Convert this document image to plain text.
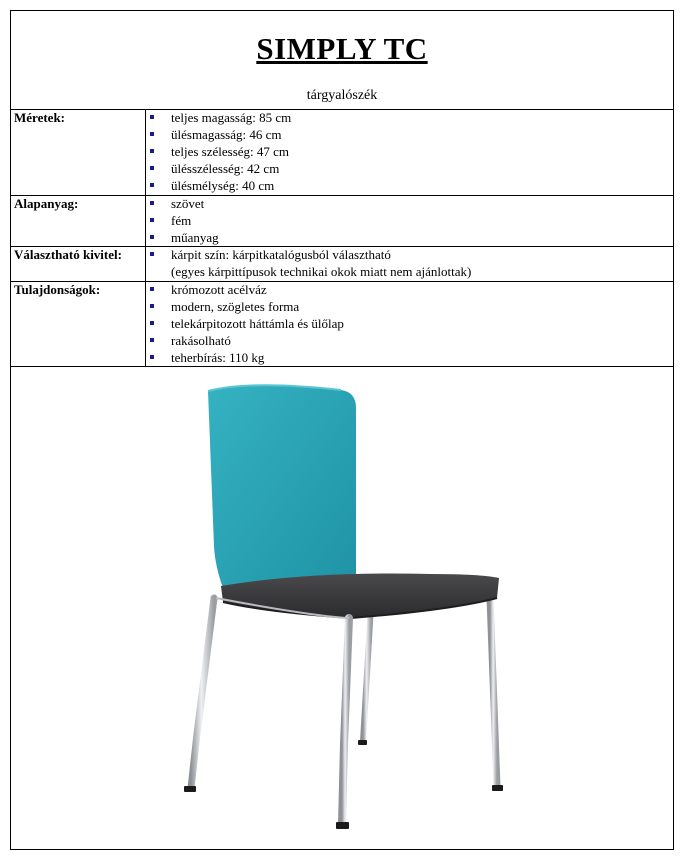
SIMPLY TC
tárgyalószék
Méretek:	teljes magasság: 85 cm
ülésmagasság: 46 cm
teljes szélesség: 47 cm
ülésszélesség: 42 cm
ülésmélység: 40 cm
Alapanyag:	szövet
fém
műanyag
Választható kivitel:	kárpit szín: kárpitkatalógusból választható
(egyes kárpittípusok technikai okok miatt nem ajánlottak)
Tulajdonságok:	krómozott acélváz
modern, szögletes forma
telekárpitozott háttámla és ülőlap
rakásolható
teherbírás: 110 kg
